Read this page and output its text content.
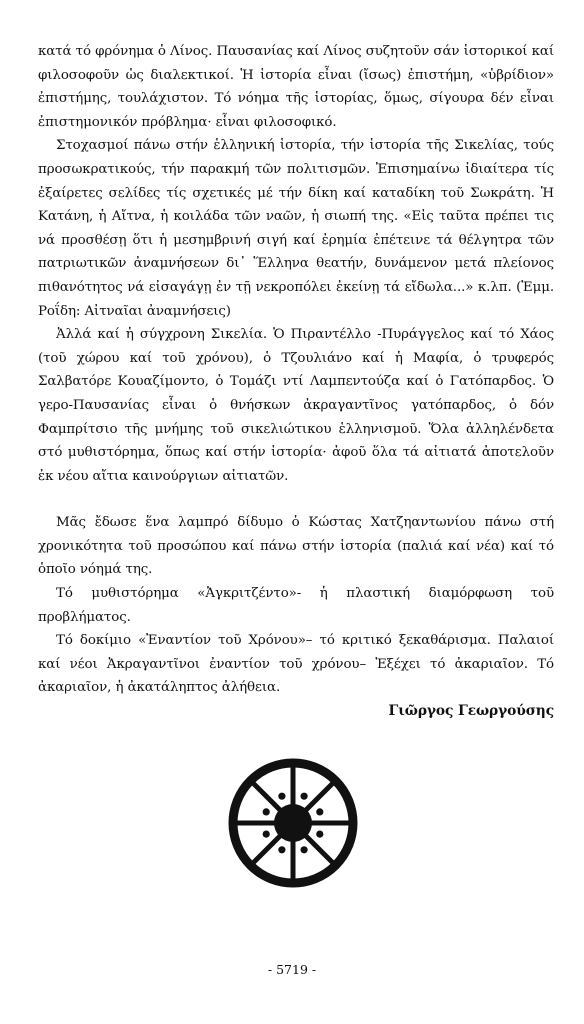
κατά τό φρόνημα ὁ Λίνος. Παυσανίας καί Λίνος συζητοῦν σάν ἱστορικοί καί φιλοσοφοῦν ὡς διαλεκτικοί. Ἡ ἱστορία εἶναι (ἴσως) ἐπιστήμη, «ὑβρίδιον» ἐπιστήμης, τουλάχιστον. Τό νόημα τῆς ἱστορίας, ὅμως, σίγουρα δέν εἶναι ἐπιστημονικόν πρόβλημα· εἶναι φιλοσοφικό.

Στοχασμοί πάνω στήν ἑλληνική ἱστορία, τήν ἱστορία τῆς Σικελίας, τούς προσωκρατικούς, τήν παρακμή τῶν πολιτισμῶν. Ἐπισημαίνω ἰδιαίτερα τίς ἐξαίρετες σελίδες τίς σχετικές μέ τήν δίκη καί καταδίκη τοῦ Σωκράτη. Ἡ Κατάνη, ἡ Αἴτνα, ἡ κοιλάδα τῶν ναῶν, ἡ σιωπή της. «Εἰς ταῦτα πρέπει τις νά προσθέσῃ ὅτι ἡ μεσημβρινή σιγή καί ἐρημία ἐπέτεινε τά θέλγητρα τῶν πατριωτικῶν ἀναμνήσεων δι᾿ Ἕλληνα θεατήν, δυνάμενον μετά πλείονος πιθανότητος νά εἰσαγάγῃ ἐν τῇ νεκροπόλει ἐκείνῃ τά εἴδωλα...» κ.λπ. (Ἐμμ. Ροΐδη: Αἰτναῖαι ἀναμνήσεις)

Ἀλλά καί ἡ σύγχρονη Σικελία. Ὁ Πιραντέλλο -Πυράγγελος καί τό Χάος (τοῦ χώρου καί τοῦ χρόνου), ὁ Τζουλιάνο καί ἡ Μαφία, ὁ τρυφερός Σαλβατόρε Κουαζίμοντο, ὁ Τομάζι ντί Λαμπεντούζα καί ὁ Γατόπαρδος. Ὁ γερο-Παυσανίας εἶναι ὁ θνήσκων ἀκραγαντῖνος γατόπαρδος, ὁ δόν Φαμπρίτσιο τῆς μνήμης τοῦ σικελιώτικου ἑλληνισμοῦ. Ὅλα ἀλληλένδετα στό μυθιστόρημα, ὅπως καί στήν ἱστορία· ἀφοῦ ὅλα τά αἰτιατά ἀποτελοῦν ἐκ νέου αἴτια καινούργιων αἰτιατῶν.

Μᾶς ἔδωσε ἕνα λαμπρό δίδυμο ὁ Κώστας Χατζηαντωνίου πάνω στή χρονικότητα τοῦ προσώπου καί πάνω στήν ἱστορία (παλιά καί νέα) καί τό ὁποῖο νόημά της.

Τό μυθιστόρημα «Ἀγκριτζέντο»- ἡ πλαστική διαμόρφωση τοῦ προβλήματος.

Τό δοκίμιο «Ἐναντίον τοῦ Χρόνου»– τό κριτικό ξεκαθάρισμα. Παλαιοί καί νέοι Ἀκραγαντῖνοι ἐναντίον τοῦ χρόνου– Ἐξέχει τό ἀκαριαῖον. Τό ἀκαριαῖον, ἡ ἀκατάληπτος ἀλήθεια.

Γιῶργος Γεωργούσης

- 5719 -
